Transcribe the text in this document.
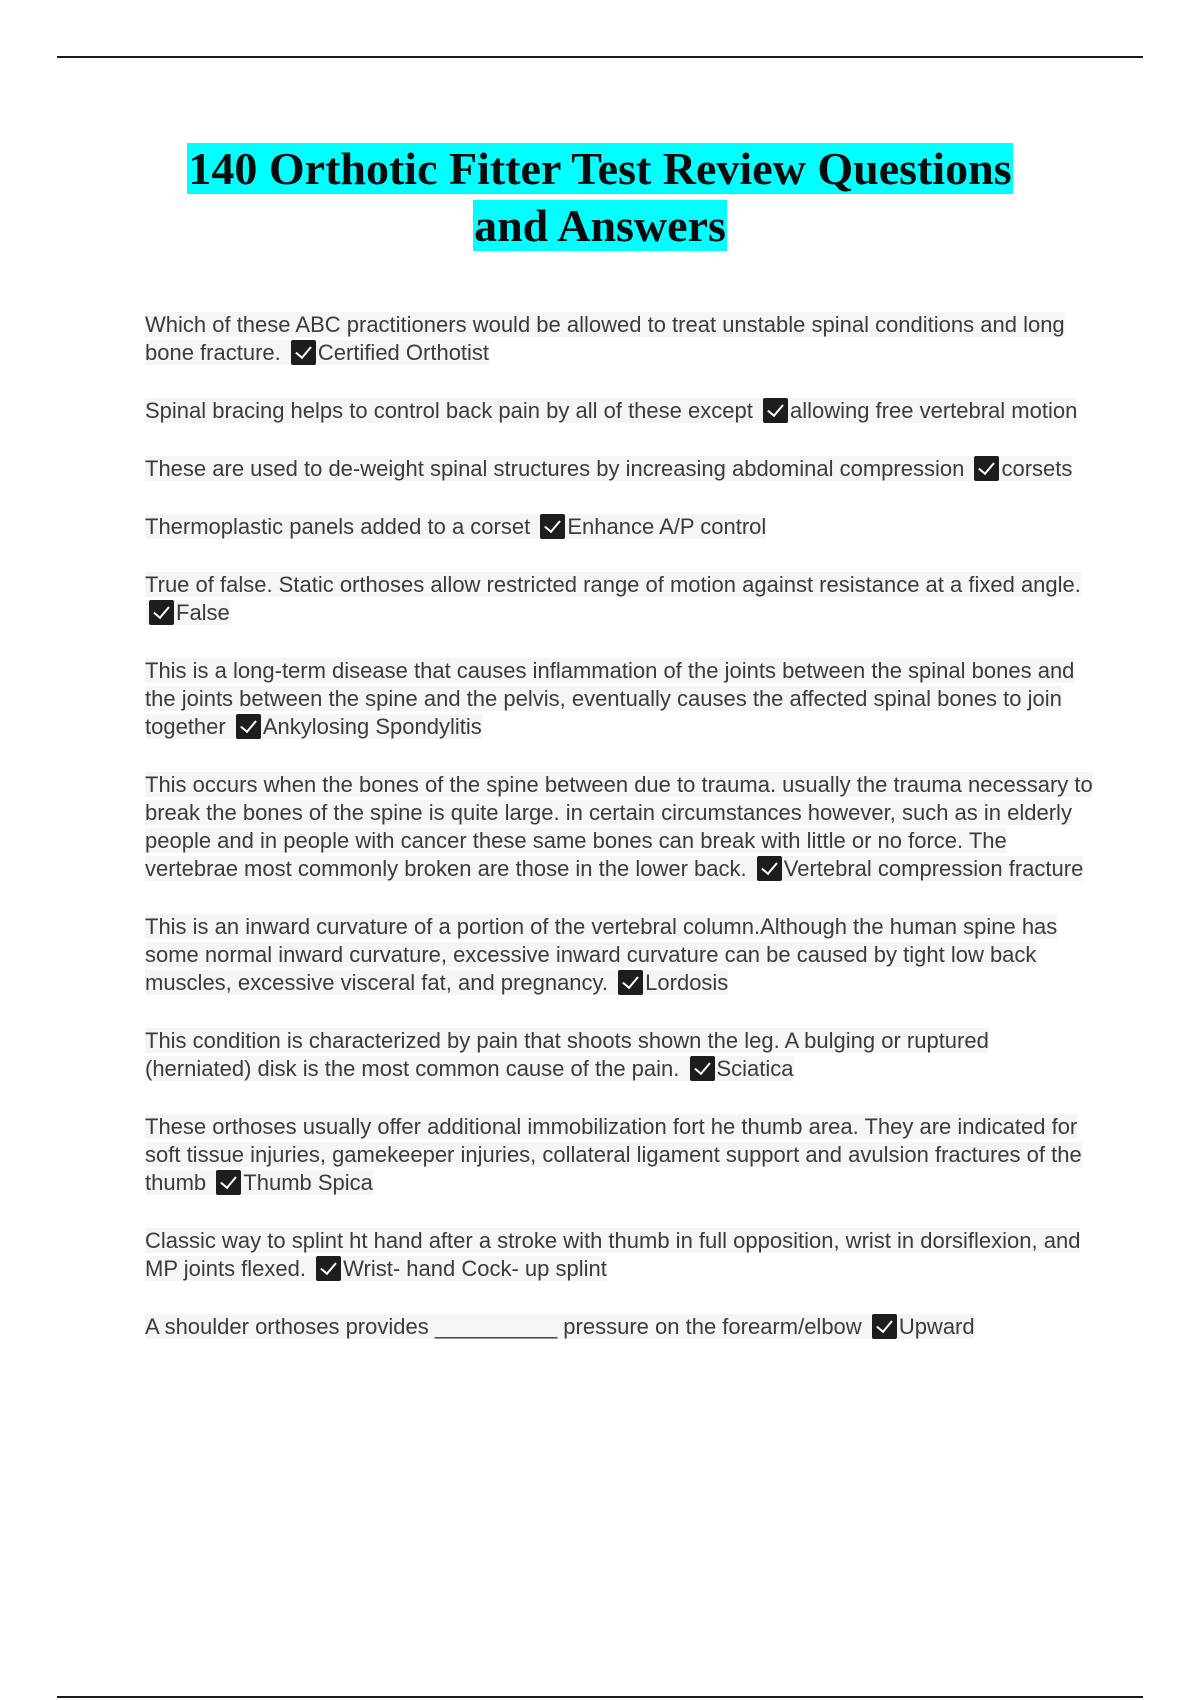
140 Orthotic Fitter Test Review Questions
and Answers

Which of these ABC practitioners would be allowed to treat unstable spinal conditions and long bone fracture. Certified Orthotist

Spinal bracing helps to control back pain by all of these except allowing free vertebral motion

These are used to de-weight spinal structures by increasing abdominal compression corsets

Thermoplastic panels added to a corset Enhance A/P control

True of false. Static orthoses allow restricted range of motion against resistance at a fixed angle. False

This is a long-term disease that causes inflammation of the joints between the spinal bones and the joints between the spine and the pelvis, eventually causes the affected spinal bones to join together Ankylosing Spondylitis

This occurs when the bones of the spine between due to trauma. usually the trauma necessary to break the bones of the spine is quite large. in certain circumstances however, such as in elderly people and in people with cancer these same bones can break with little or no force. The vertebrae most commonly broken are those in the lower back. Vertebral compression fracture

This is an inward curvature of a portion of the vertebral column.Although the human spine has some normal inward curvature, excessive inward curvature can be caused by tight low back muscles, excessive visceral fat, and pregnancy. Lordosis

This condition is characterized by pain that shoots shown the leg. A bulging or ruptured (herniated) disk is the most common cause of the pain. Sciatica

These orthoses usually offer additional immobilization fort he thumb area. They are indicated for soft tissue injuries, gamekeeper injuries, collateral ligament support and avulsion fractures of the thumb Thumb Spica

Classic way to splint ht hand after a stroke with thumb in full opposition, wrist in dorsiflexion, and MP joints flexed. Wrist- hand Cock- up splint

A shoulder orthoses provides __________ pressure on the forearm/elbow Upward
